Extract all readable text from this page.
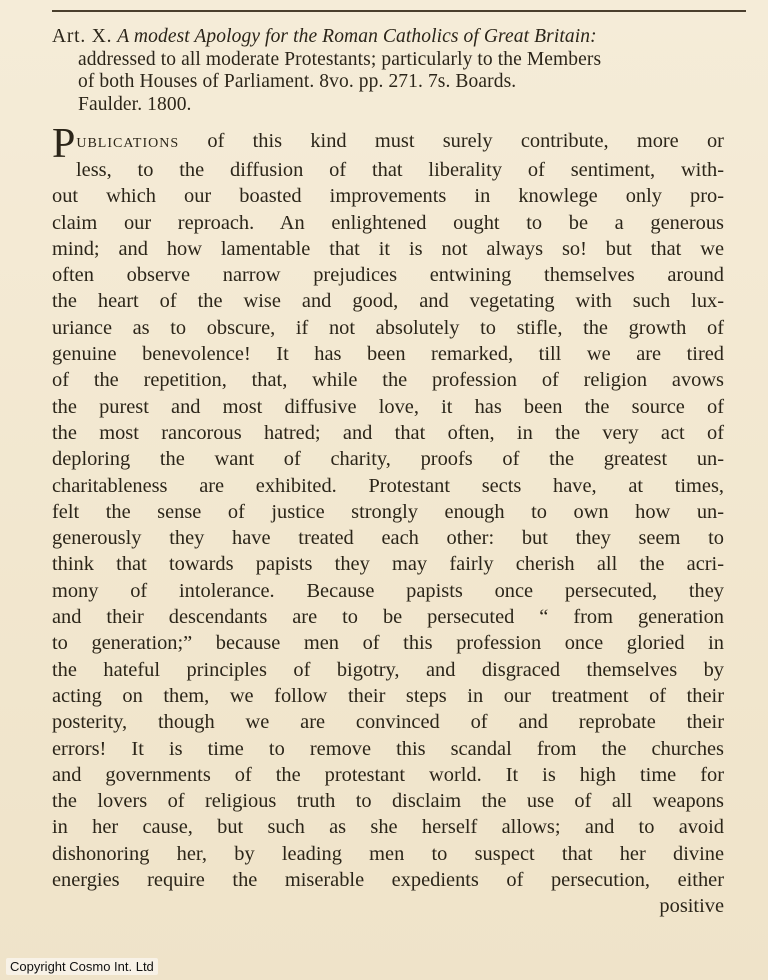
Art. X. A modest Apology for the Roman Catholics of Great Britain:
addressed to all moderate Protestants; particularly to the Members
of both Houses of Parliament. 8vo. pp. 271. 7s. Boards.
Faulder. 1800.
Publications of this kind must surely contribute, more or
less, to the diffusion of that liberality of sentiment, with-
out which our boasted improvements in knowlege only pro-
claim our reproach. An enlightened ought to be a generous
mind; and how lamentable that it is not always so! but that we
often observe narrow prejudices entwining themselves around
the heart of the wise and good, and vegetating with such lux-
uriance as to obscure, if not absolutely to stifle, the growth of
genuine benevolence! It has been remarked, till we are tired
of the repetition, that, while the profession of religion avows
the purest and most diffusive love, it has been the source of
the most rancorous hatred; and that often, in the very act of
deploring the want of charity, proofs of the greatest un-
charitableness are exhibited. Protestant sects have, at times,
felt the sense of justice strongly enough to own how un-
generously they have treated each other: but they seem to
think that towards papists they may fairly cherish all the acri-
mony of intolerance. Because papists once persecuted, they
and their descendants are to be persecuted “ from generation
to generation;” because men of this profession once gloried in
the hateful principles of bigotry, and disgraced themselves by
acting on them, we follow their steps in our treatment of their
posterity, though we are convinced of and reprobate their
errors! It is time to remove this scandal from the churches
and governments of the protestant world. It is high time for
the lovers of religious truth to disclaim the use of all weapons
in her cause, but such as she herself allows; and to avoid
dishonoring her, by leading men to suspect that her divine
energies require the miserable expedients of persecution, either
positive
Copyright Cosmo Int. Ltd
